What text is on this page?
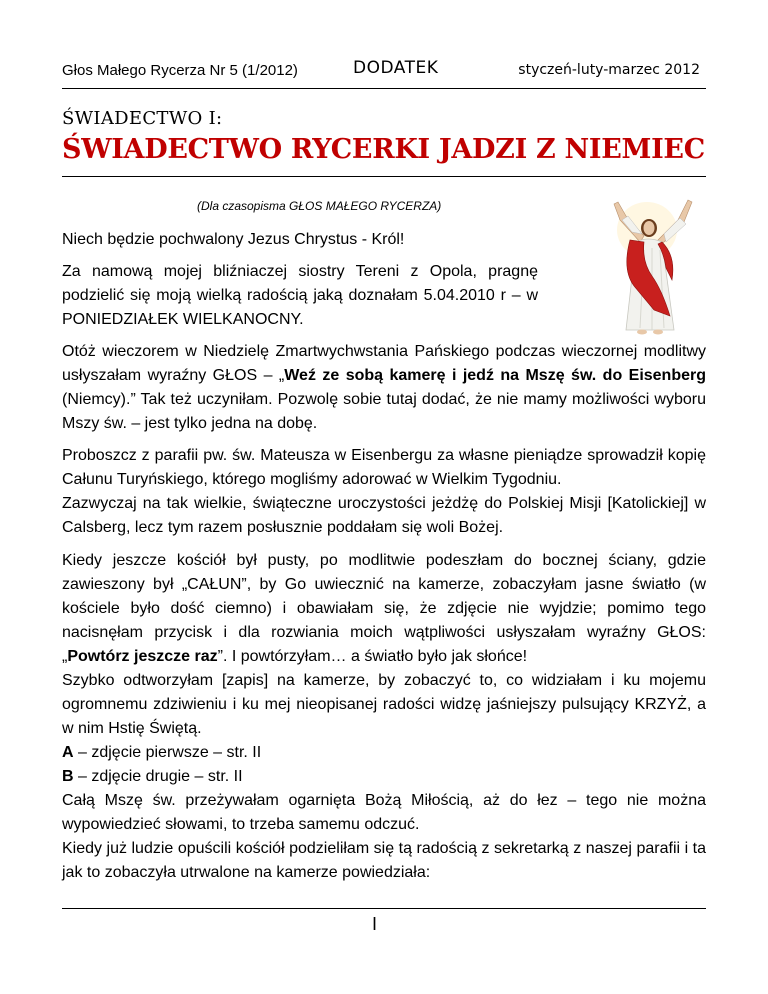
Głos Małego Rycerza Nr 5 (1/2012)	DODATEK	styczeń-luty-marzec 2012
ŚWIADECTWO I:
ŚWIADECTWO RYCERKI JADZI Z NIEMIEC
(Dla czasopisma GŁOS MAŁEGO RYCERZA)

Niech będzie pochwalony Jezus Chrystus - Król!

Za namową mojej bliźniaczej siostry Tereni z Opola, pragnę podzielić się moją wielką radością jaką doznałam 5.04.2010 r – w PONIEDZIAŁEK WIELKANOCNY.

Otóż wieczorem w Niedzielę Zmartwychwstania Pańskiego podczas wieczornej modlitwy usłyszałam wyraźny GŁOS – „Weź ze sobą kamerę i jedź na Mszę św. do Eisenberg (Niemcy).” Tak też uczyniłam. Pozwolę sobie tutaj dodać, że nie mamy możliwości wyboru Mszy św. – jest tylko jedna na dobę.

Proboszcz z parafii pw. św. Mateusza w Eisenbergu za własne pieniądze sprowadził kopię Całunu Turyńskiego, którego mogliśmy adorować w Wielkim Tygodniu.
Zazwyczaj na tak wielkie, świąteczne uroczystości jeżdżę do Polskiej Misji [Katolickiej] w Calsberg, lecz tym razem posłusznie poddałam się woli Bożej.

Kiedy jeszcze kościół był pusty, po modlitwie podeszłam do bocznej ściany, gdzie zawieszony był „CAŁUN”, by Go uwiecznić na kamerze, zobaczyłam jasne światło (w kościele było dość ciemno) i obawiałam się, że zdjęcie nie wyjdzie; pomimo tego nacisnęłam przycisk i dla rozwiania moich wątpliwości usłyszałam wyraźny GŁOS: „Powtórz jeszcze raz”. I powtórzyłam… a światło było jak słońce!
Szybko odtworzyłam [zapis] na kamerze, by zobaczyć to, co widziałam i ku mojemu ogromnemu zdziwieniu i ku mej nieopisanej radości widzę jaśniejszy pulsujący KRZYŻ, a w nim Hstię Świętą.
A – zdjęcie pierwsze – str. II
B – zdjęcie drugie – str. II
Całą Mszę św. przeżywałam ogarnięta Bożą Miłością, aż do łez – tego nie można wypowiedzieć słowami, to trzeba samemu odczuć.
Kiedy już ludzie opuścili kościół podzieliłam się tą radością z sekretarką z naszej parafii i ta jak to zobaczyła utrwalone na kamerze powiedziała:

I
